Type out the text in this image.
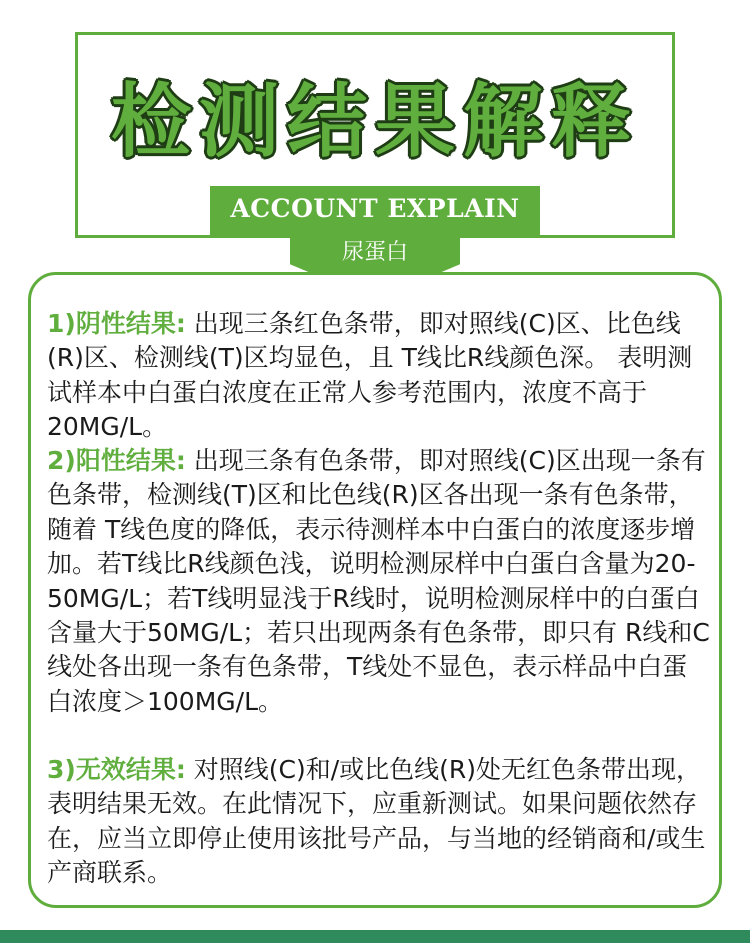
检测结果解释
ACCOUNT EXPLAIN
尿蛋白

1)阴性结果: 出现三条红色条带，即对照线(C)区、比色线(R)区、检测线(T)区均显色，且 T线比R线颜色深。 表明测试样本中白蛋白浓度在正常人参考范围内，浓度不高于20MG/L。

2)阳性结果: 出现三条有色条带，即对照线(C)区出现一条有色条带，检测线(T)区和比色线(R)区各出现一条有色条带，随着 T线色度的降低，表示待测样本中白蛋白的浓度逐步增加。若T线比R线颜色浅，说明检测尿样中白蛋白含量为20-50MG/L；若T线明显浅于R线时，说明检测尿样中的白蛋白含量大于50MG/L；若只出现两条有色条带，即只有 R线和C线处各出现一条有色条带，T线处不显色，表示样品中白蛋白浓度＞100MG/L。

3)无效结果: 对照线(C)和/或比色线(R)处无红色条带出现，表明结果无效。在此情况下，应重新测试。如果问题依然存在，应当立即停止使用该批号产品，与当地的经销商和/或生产商联系。
